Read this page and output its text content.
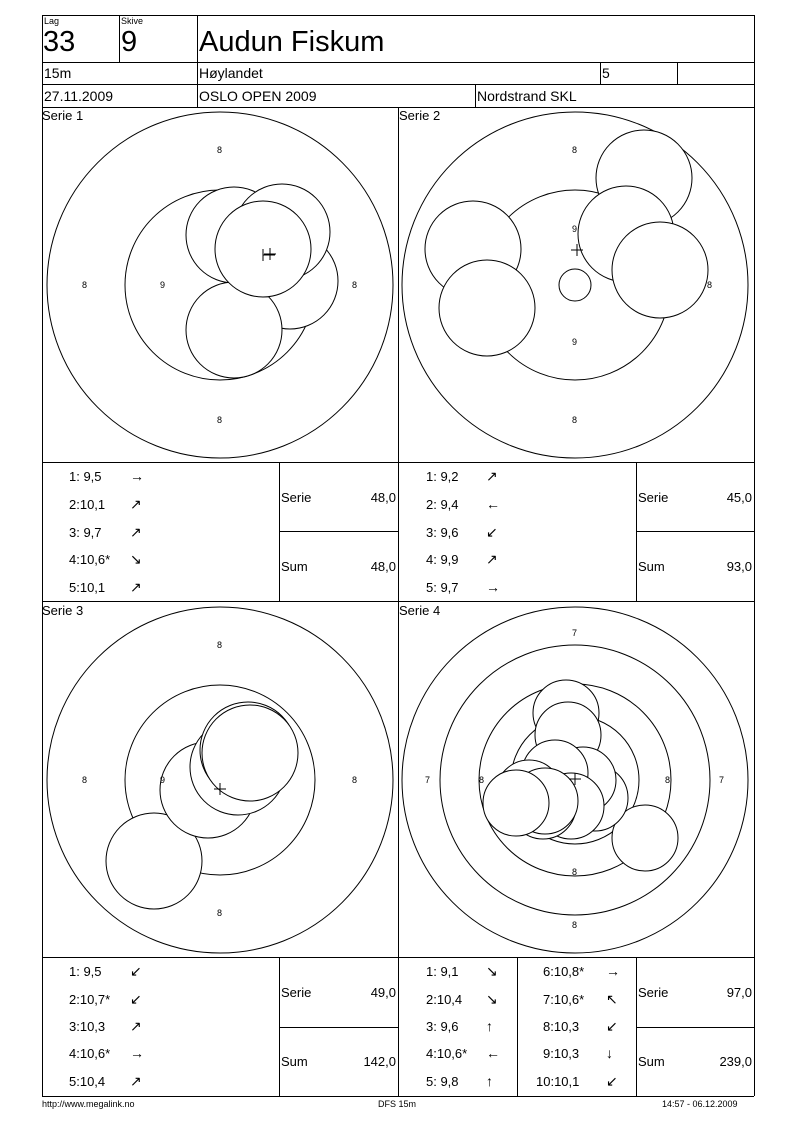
Lag
33
Skive
9 Audun Fiskum
15m	Høylandet	5
27.11.2009	OSLO OPEN 2009	Nordstrand SKL
Serie 1	Serie 2
Serie 3	Serie 4
8
8	9	8
8
8
9
8
9
8
8
8	9	8
8
7
7	8	8	7
8
8
1: 9,5 →
2:10,1 ↗
3: 9,7 ↗
4:10,6* ↘
5:10,1 ↗
Serie	48,0
Sum	48,0
1: 9,2 ↗
2: 9,4 ←
3: 9,6 ↙
4: 9,9 ↗
5: 9,7 →
Serie	45,0
Sum	93,0
1: 9,5 ↙
2:10,7* ↙
3:10,3 ↗
4:10,6* →
5:10,4 ↗
Serie	49,0
Sum	142,0
1: 9,1 ↘
2:10,4 ↘
3: 9,6 ↑
4:10,6* ←
5: 9,8 ↑
6:10,8* →
7:10,6* ↖
8:10,3 ↙
9:10,3 ↓
10:10,1 ↙
Serie	97,0
Sum	239,0
http://www.megalink.no	DFS 15m	14:57 - 06.12.2009
